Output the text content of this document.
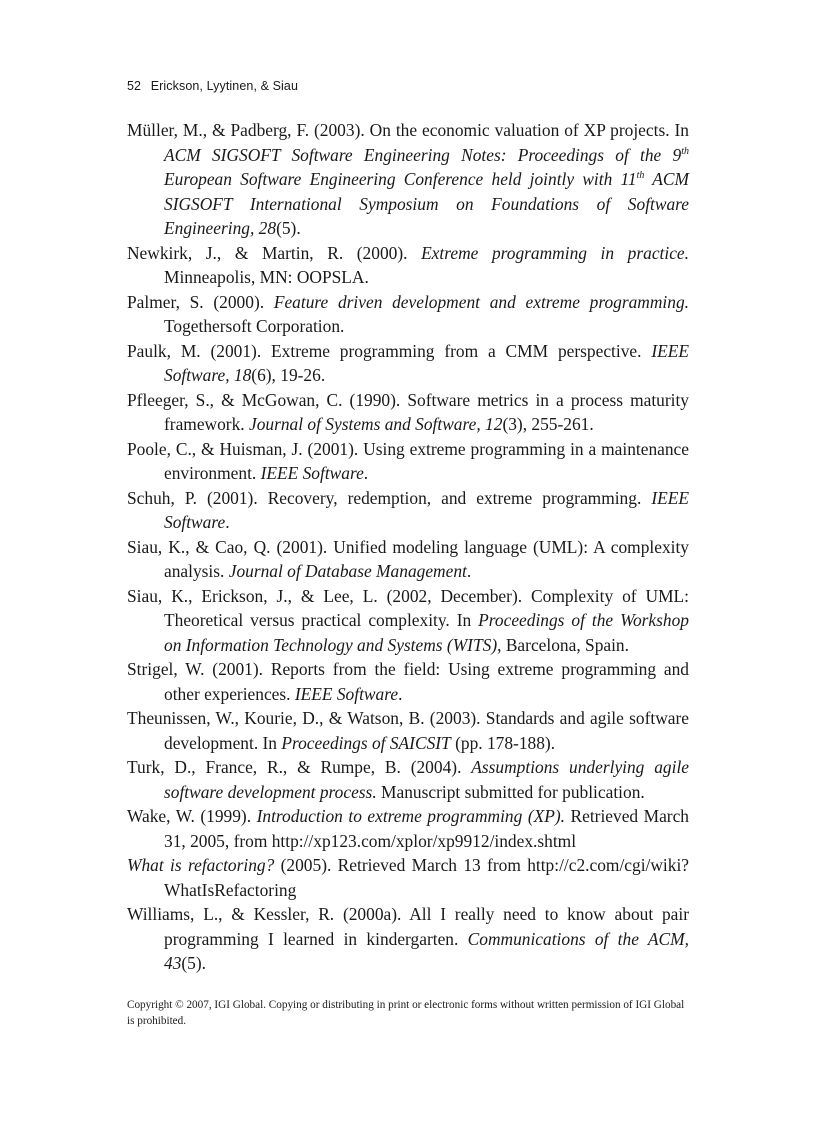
52 Erickson, Lyytinen, & Siau

Müller, M., & Padberg, F. (2003). On the economic valuation of XP projects. In ACM SIGSOFT Software Engineering Notes: Proceedings of the 9th European Software Engineering Conference held jointly with 11th ACM SIGSOFT International Symposium on Foundations of Software Engineering, 28(5).

Newkirk, J., & Martin, R. (2000). Extreme programming in practice. Minneapolis, MN: OOPSLA.

Palmer, S. (2000). Feature driven development and extreme programming. Togethersoft Corporation.

Paulk, M. (2001). Extreme programming from a CMM perspective. IEEE Software, 18(6), 19-26.

Pfleeger, S., & McGowan, C. (1990). Software metrics in a process maturity framework. Journal of Systems and Software, 12(3), 255-261.

Poole, C., & Huisman, J. (2001). Using extreme programming in a maintenance environment. IEEE Software.

Schuh, P. (2001). Recovery, redemption, and extreme programming. IEEE Software.

Siau, K., & Cao, Q. (2001). Unified modeling language (UML): A complexity analysis. Journal of Database Management.

Siau, K., Erickson, J., & Lee, L. (2002, December). Complexity of UML: Theoretical versus practical complexity. In Proceedings of the Workshop on Information Technology and Systems (WITS), Barcelona, Spain.

Strigel, W. (2001). Reports from the field: Using extreme programming and other experiences. IEEE Software.

Theunissen, W., Kourie, D., & Watson, B. (2003). Standards and agile software development. In Proceedings of SAICSIT (pp. 178-188).

Turk, D., France, R., & Rumpe, B. (2004). Assumptions underlying agile software development process. Manuscript submitted for publication.

Wake, W. (1999). Introduction to extreme programming (XP). Retrieved March 31, 2005, from http://xp123.com/xplor/xp9912/index.shtml

What is refactoring? (2005). Retrieved March 13 from http://c2.com/cgi/wiki?WhatIsRefactoring

Williams, L., & Kessler, R. (2000a). All I really need to know about pair programming I learned in kindergarten. Communications of the ACM, 43(5).

Copyright © 2007, IGI Global. Copying or distributing in print or electronic forms without written permission of IGI Global is prohibited.
